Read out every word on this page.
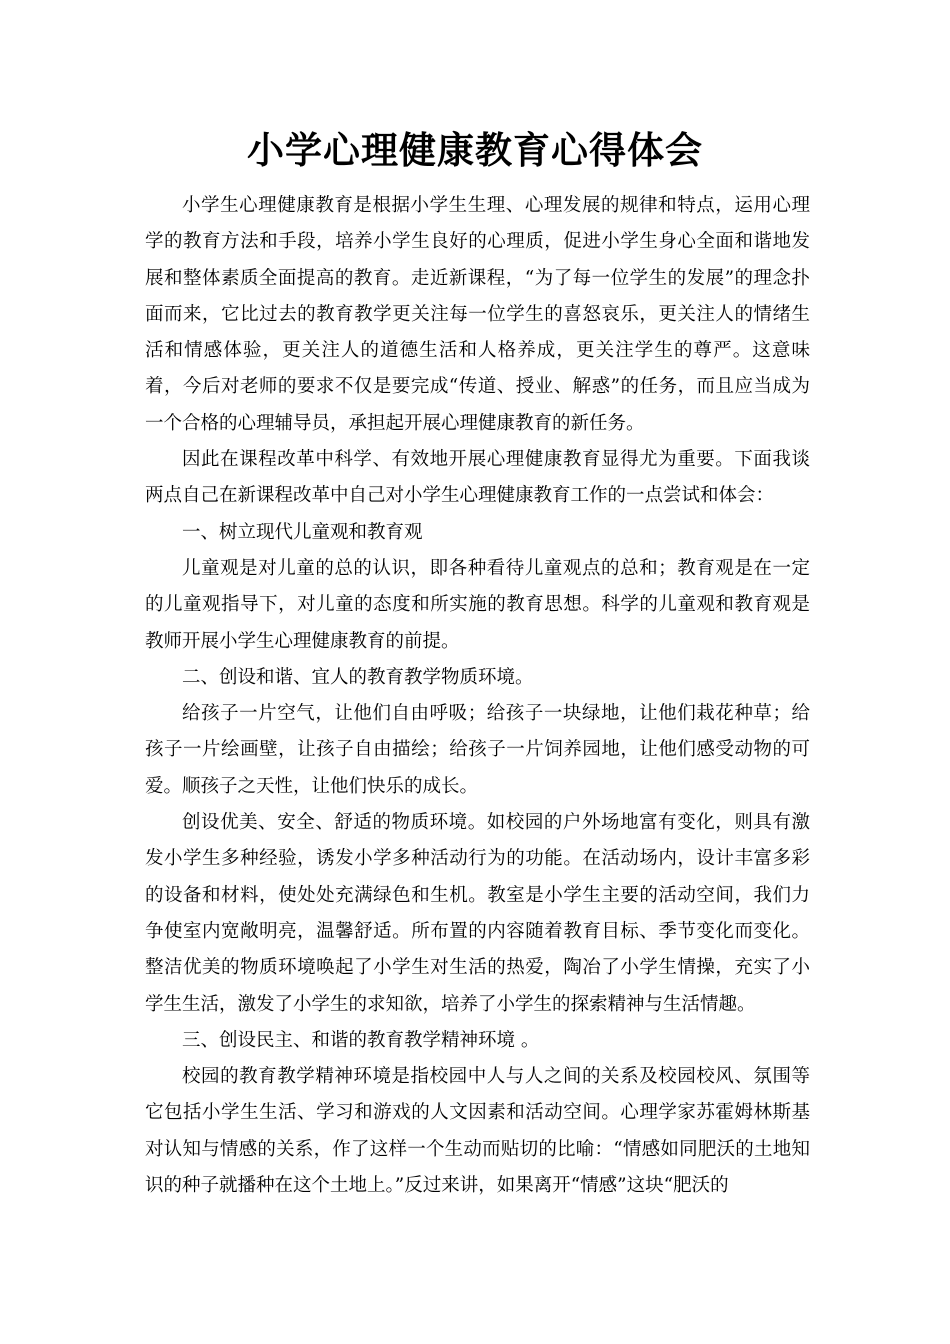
小学心理健康教育心得体会

小学生心理健康教育是根据小学生生理、心理发展的规律和特点，运用心理学的教育方法和手段，培养小学生良好的心理质，促进小学生身心全面和谐地发展和整体素质全面提高的教育。走近新课程，“为了每一位学生的发展”的理念扑面而来，它比过去的教育教学更关注每一位学生的喜怒哀乐，更关注人的情绪生活和情感体验，更关注人的道德生活和人格养成，更关注学生的尊严。这意味着，今后对老师的要求不仅是要完成“传道、授业、解惑”的任务，而且应当成为一个合格的心理辅导员，承担起开展心理健康教育的新任务。

因此在课程改革中科学、有效地开展心理健康教育显得尤为重要。下面我谈两点自己在新课程改革中自己对小学生心理健康教育工作的一点尝试和体会：

一、树立现代儿童观和教育观

儿童观是对儿童的总的认识，即各种看待儿童观点的总和；教育观是在一定的儿童观指导下，对儿童的态度和所实施的教育思想。科学的儿童观和教育观是教师开展小学生心理健康教育的前提。

二、创设和谐、宜人的教育教学物质环境。

给孩子一片空气，让他们自由呼吸；给孩子一块绿地，让他们栽花种草；给孩子一片绘画壁，让孩子自由描绘；给孩子一片饲养园地，让他们感受动物的可爱。顺孩子之天性，让他们快乐的成长。

创设优美、安全、舒适的物质环境。如校园的户外场地富有变化，则具有激发小学生多种经验，诱发小学多种活动行为的功能。在活动场内，设计丰富多彩的设备和材料，使处处充满绿色和生机。教室是小学生主要的活动空间，我们力争使室内宽敞明亮，温馨舒适。所布置的内容随着教育目标、季节变化而变化。整洁优美的物质环境唤起了小学生对生活的热爱，陶冶了小学生情操，充实了小学生生活，激发了小学生的求知欲，培养了小学生的探索精神与生活情趣。

三、创设民主、和谐的教育教学精神环境 。

校园的教育教学精神环境是指校园中人与人之间的关系及校园校风、氛围等它包括小学生生活、学习和游戏的人文因素和活动空间。心理学家苏霍姆林斯基对认知与情感的关系，作了这样一个生动而贴切的比喻：“情感如同肥沃的土地知识的种子就播种在这个土地上。”反过来讲，如果离开“情感”这块“肥沃的
